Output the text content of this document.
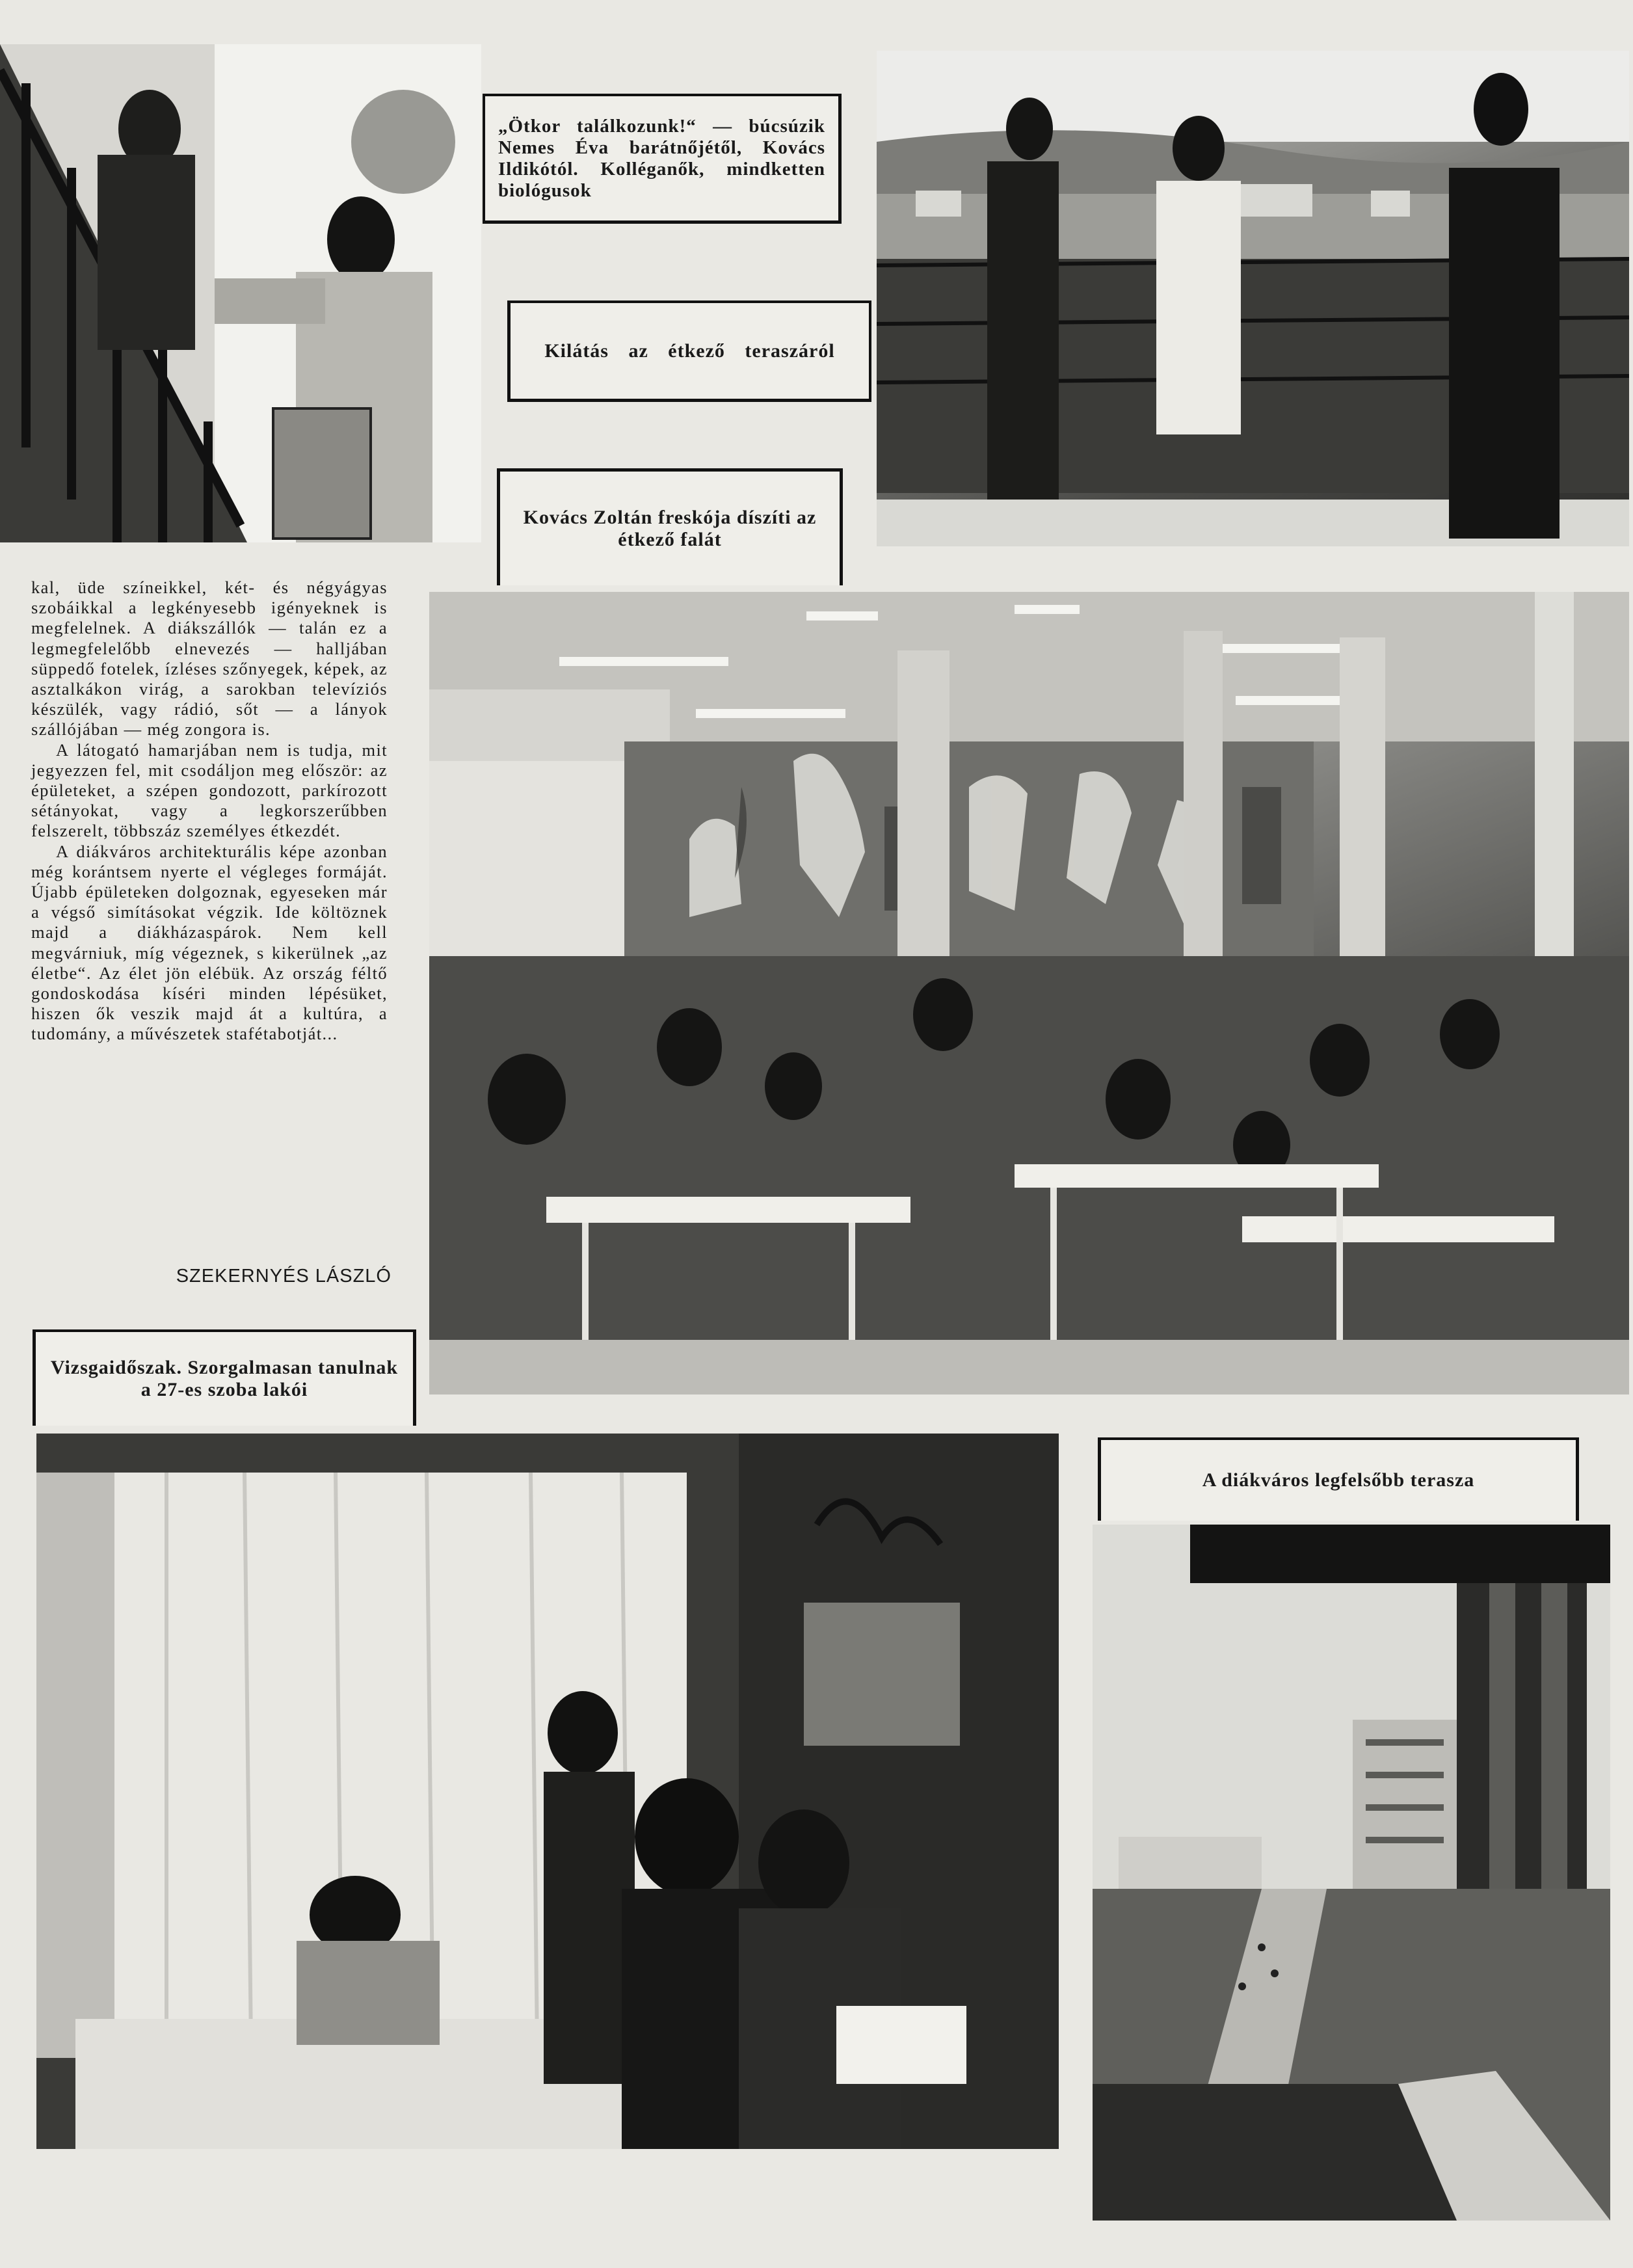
„Ötkor találkozunk!“ — búcsúzik Nemes Éva barátnőjétől, Kovács Ildikótól. Kolléganők, mindketten biológusok
Kilátás az étkező teraszáról
Kovács Zoltán freskója díszíti az étkező falát

kal, üde színeikkel, két- és négyágyas szobáikkal a legkényesebb igényeknek is megfelelnek. A diákszállók — talán ez a legmegfelelőbb elnevezés — halljában süppedő fotelek, ízléses szőnyegek, képek, az asztalkákon virág, a sarokban televíziós készülék, vagy rádió, sőt — a lányok szállójában — még zongora is.

A látogató hamarjában nem is tudja, mit jegyezzen fel, mit csodáljon meg először: az épületeket, a szépen gondozott, parkírozott sétányokat, vagy a legkorszerűbben felszerelt, többszáz személyes étkezdét.

A diákváros architekturális képe azonban még korántsem nyerte el végleges formáját. Újabb épületeken dolgoznak, egyeseken már a végső simításokat végzik. Ide költöznek majd a diákházaspárok. Nem kell megvárniuk, míg végeznek, s kikerülnek „az életbe“. Az élet jön elébük. Az ország féltő gondoskodása kíséri minden lépésüket, hiszen ők veszik majd át a kultúra, a tudomány, a művészetek stafétabotját...

SZEKERNYÉS LÁSZLÓ
Vizsgaidőszak. Szorgalmasan tanulnak a 27-es szoba lakói
A diákváros legfelsőbb terasza
